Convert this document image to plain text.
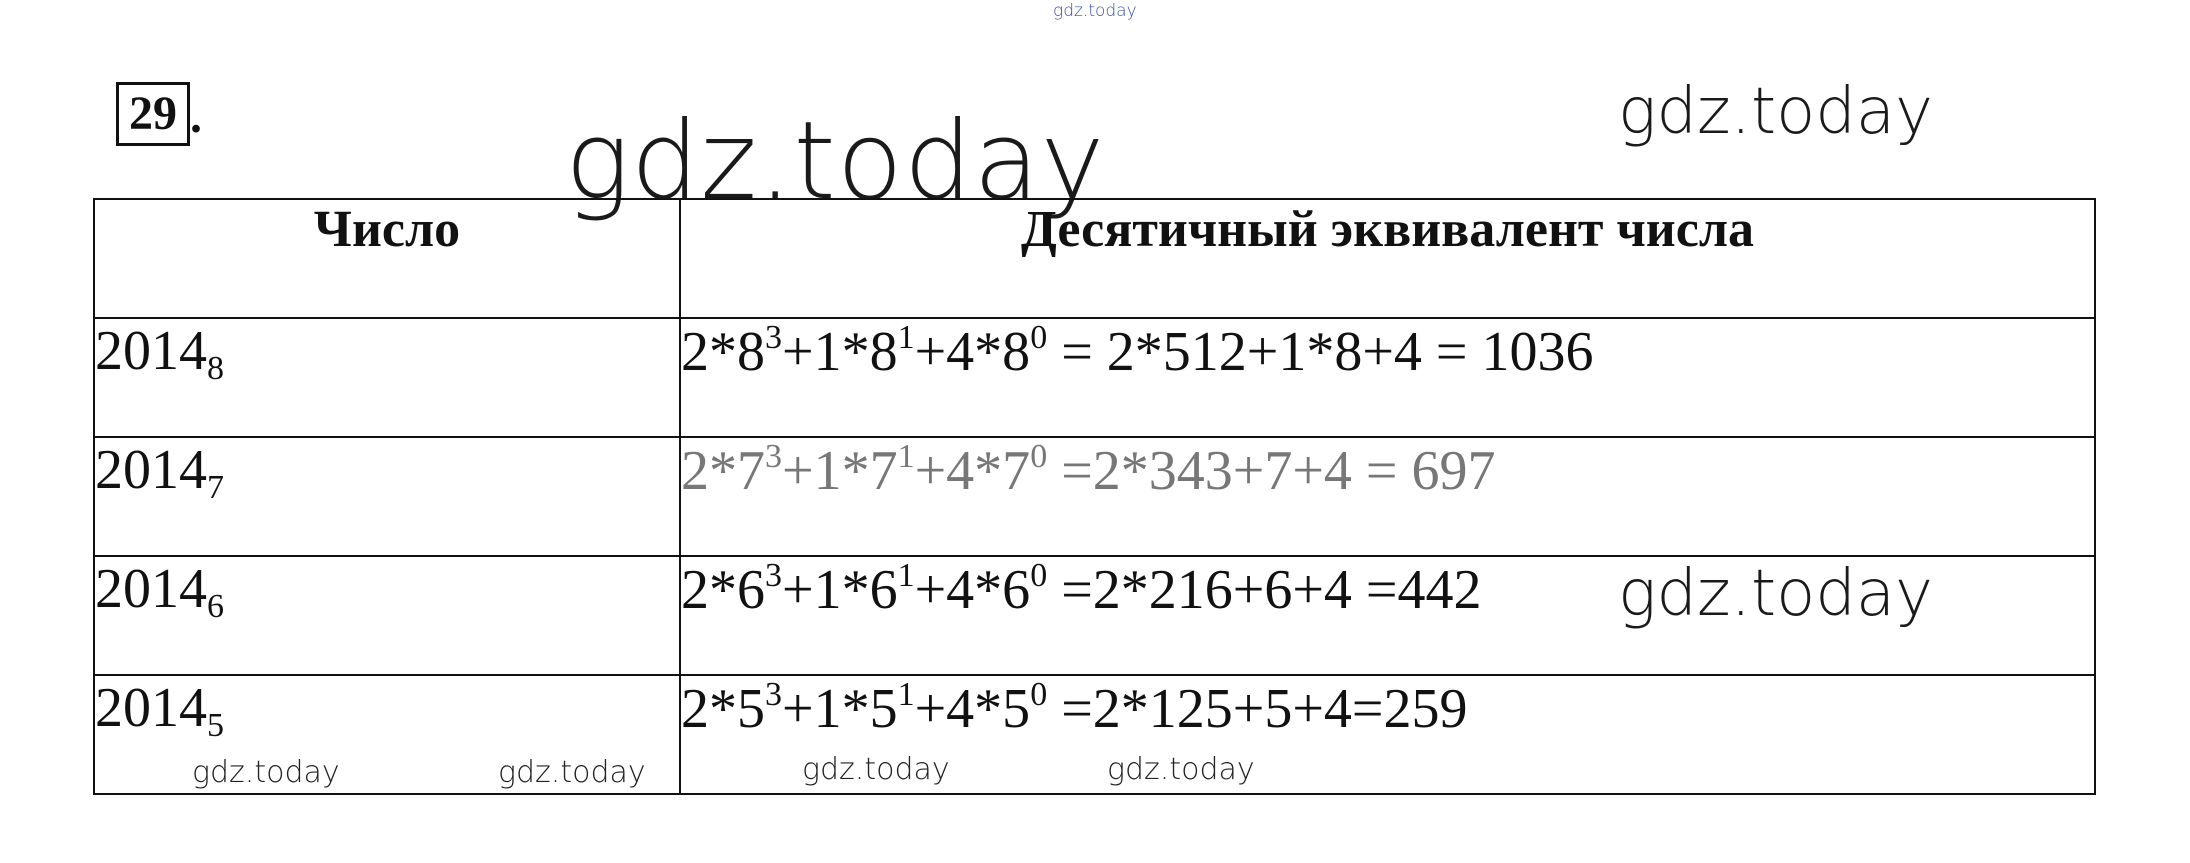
gdz.today
gdz.today	gdz.today
29 .
Число	Десятичный эквивалент числа
$2014_8$	$2*8^3+1*8^1+4*8^0 = 2*512+1*8+4 = 1036$
$2014_7$	$2*7^3+1*7^1+4*7^0 =2*343+7+4 = 697$
$2014_6$	$2*6^3+1*6^1+4*6^0 =2*216+6+4 =442$
$2014_5$	$2*5^3+1*5^1+4*5^0 =2*125+5+4=259$
gdz.today
gdz.today	gdz.today	gdz.today	gdz.today
